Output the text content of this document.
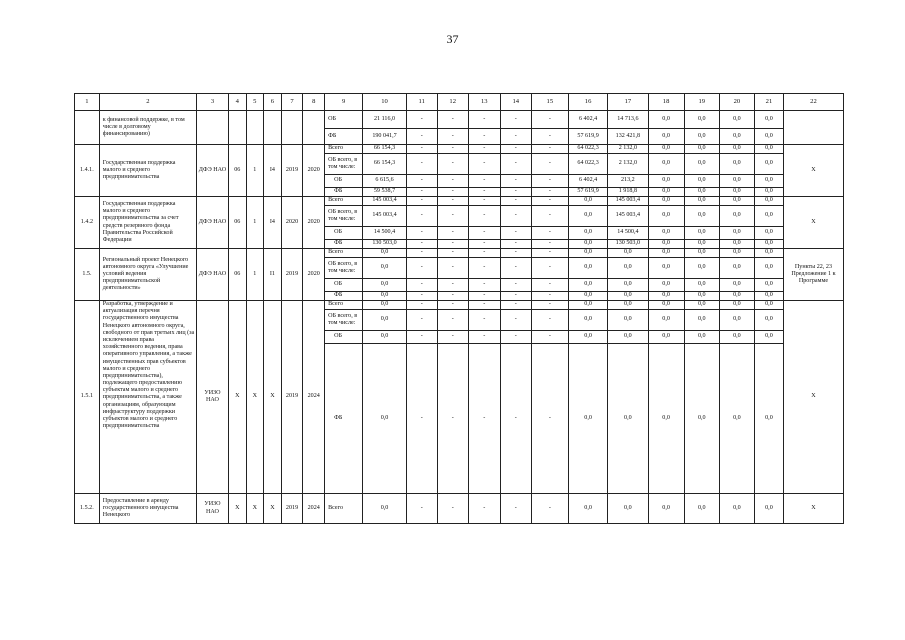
37
1	2	3	4	5	6	7	8	9	10	11	12	13	14	15	16	17	18	19	20	21	22
	к финансовой поддержке, в том числе в долговому финансированию)							ОБ	21 116,0	-	-	-	-	-	6 402,4	14 713,6	0,0	0,0	0,0	0,0	
								ФБ	190 041,7	-	-	-	-	-	57 619,9	132 421,8	0,0	0,0	0,0	0,0	
1.4.1.	Государственная поддержка малого и среднего предпринимательства	ДФЭ НАО	06	1	I4	2019	2020	Всего	66 154,3	-	-	-	-	-	64 022,3	2 132,0	0,0	0,0	0,0	0,0	Х
								ОБ всего, в том числе:	66 154,3	-	-	-	-	-	64 022,3	2 132,0	0,0	0,0	0,0	0,0	
								ОБ	6 615,6	-	-	-	-	-	6 402,4	213,2	0,0	0,0	0,0	0,0	
								ФБ	59 538,7	-	-	-	-	-	57 619,9	1 918,8	0,0	0,0	0,0	0,0	
1.4.2	Государственная поддержка малого и среднего предпринимательства за счет средств резервного фонда Правительства Российской Федерации	ДФЭ НАО	06	1	I4	2020	2020	Всего	145 003,4	-	-	-	-	-	0,0	145 003,4	0,0	0,0	0,0	0,0	Х
								ОБ всего, в том числе:	145 003,4	-	-	-	-	-	0,0	145 003,4	0,0	0,0	0,0	0,0	
								ОБ	14 500,4	-	-	-	-	-	0,0	14 500,4	0,0	0,0	0,0	0,0	
								ФБ	130 503,0	-	-	-	-	-	0,0	130 503,0	0,0	0,0	0,0	0,0	
1.5.	Региональный проект Ненецкого автономного округа «Улучшение условий ведения предпринимательской деятельности»	ДФЭ НАО	06	1	I1	2019	2020	Всего	0,0	-	-	-	-	-	0,0	0,0	0,0	0,0	0,0	0,0	Пункты 22, 23 Предложение 1 к Программе
								ОБ всего, в том числе:	0,0	-	-	-	-	-	0,0	0,0	0,0	0,0	0,0	0,0	
								ОБ	0,0	-	-	-	-	-	0,0	0,0	0,0	0,0	0,0	0,0	
								ФБ	0,0	-	-	-	-	-	0,0	0,0	0,0	0,0	0,0	0,0	
1.5.1	Разработка, утверждение и актуализация перечня государственного имущества Ненецкого автономного округа, свободного от прав третьих лиц (за исключением права хозяйственного ведения, права оперативного управления, а также имущественных прав субъектов малого и среднего предпринимательства), подлежащего предоставлению субъектам малого и среднего предпринимательства, а также организациям, образующим инфраструктуру поддержки субъектов малого и среднего предпринимательства	УИЗО НАО	Х	Х	Х	2019	2024	Всего	0,0	-	-	-	-	-	0,0	0,0	0,0	0,0	0,0	0,0	Х
								ОБ всего, в том числе:	0,0	-	-	-	-	-	0,0	0,0	0,0	0,0	0,0	0,0	
								ОБ	0,0	-	-	-	-	-	0,0	0,0	0,0	0,0	0,0	0,0	
								ФБ	0,0	-	-	-	-	-	0,0	0,0	0,0	0,0	0,0	0,0	
1.5.2.	Предоставление в аренду государственного имущества Ненецкого	УИЗО НАО	Х	Х	Х	2019	2024	Всего	0,0	-	-	-	-	-	0,0	0,0	0,0	0,0	0,0	0,0	Х
